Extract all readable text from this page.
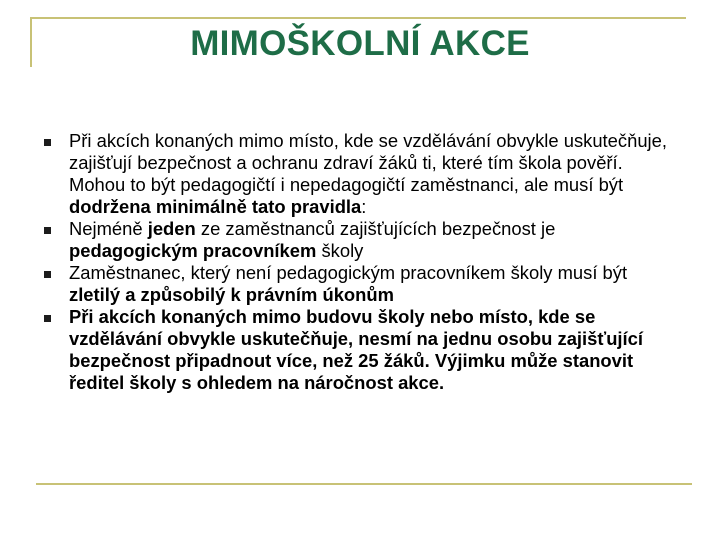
MIMOŠKOLNÍ AKCE
Při akcích konaných mimo místo, kde se vzdělávání obvykle uskutečňuje, zajišťují bezpečnost a ochranu zdraví žáků ti, které tím škola pověří. Mohou to být pedagogičtí i nepedagogičtí zaměstnanci, ale musí být dodržena minimálně tato pravidla:
Nejméně jeden ze zaměstnanců zajišťujících bezpečnost je pedagogickým pracovníkem školy
Zaměstnanec, který není pedagogickým pracovníkem školy musí být zletilý a způsobilý k právním úkonům
Při akcích konaných mimo budovu školy nebo místo, kde se vzdělávání obvykle uskutečňuje, nesmí na jednu osobu zajišťující bezpečnost připadnout více, než 25 žáků. Výjimku může stanovit ředitel školy s ohledem na náročnost akce.
